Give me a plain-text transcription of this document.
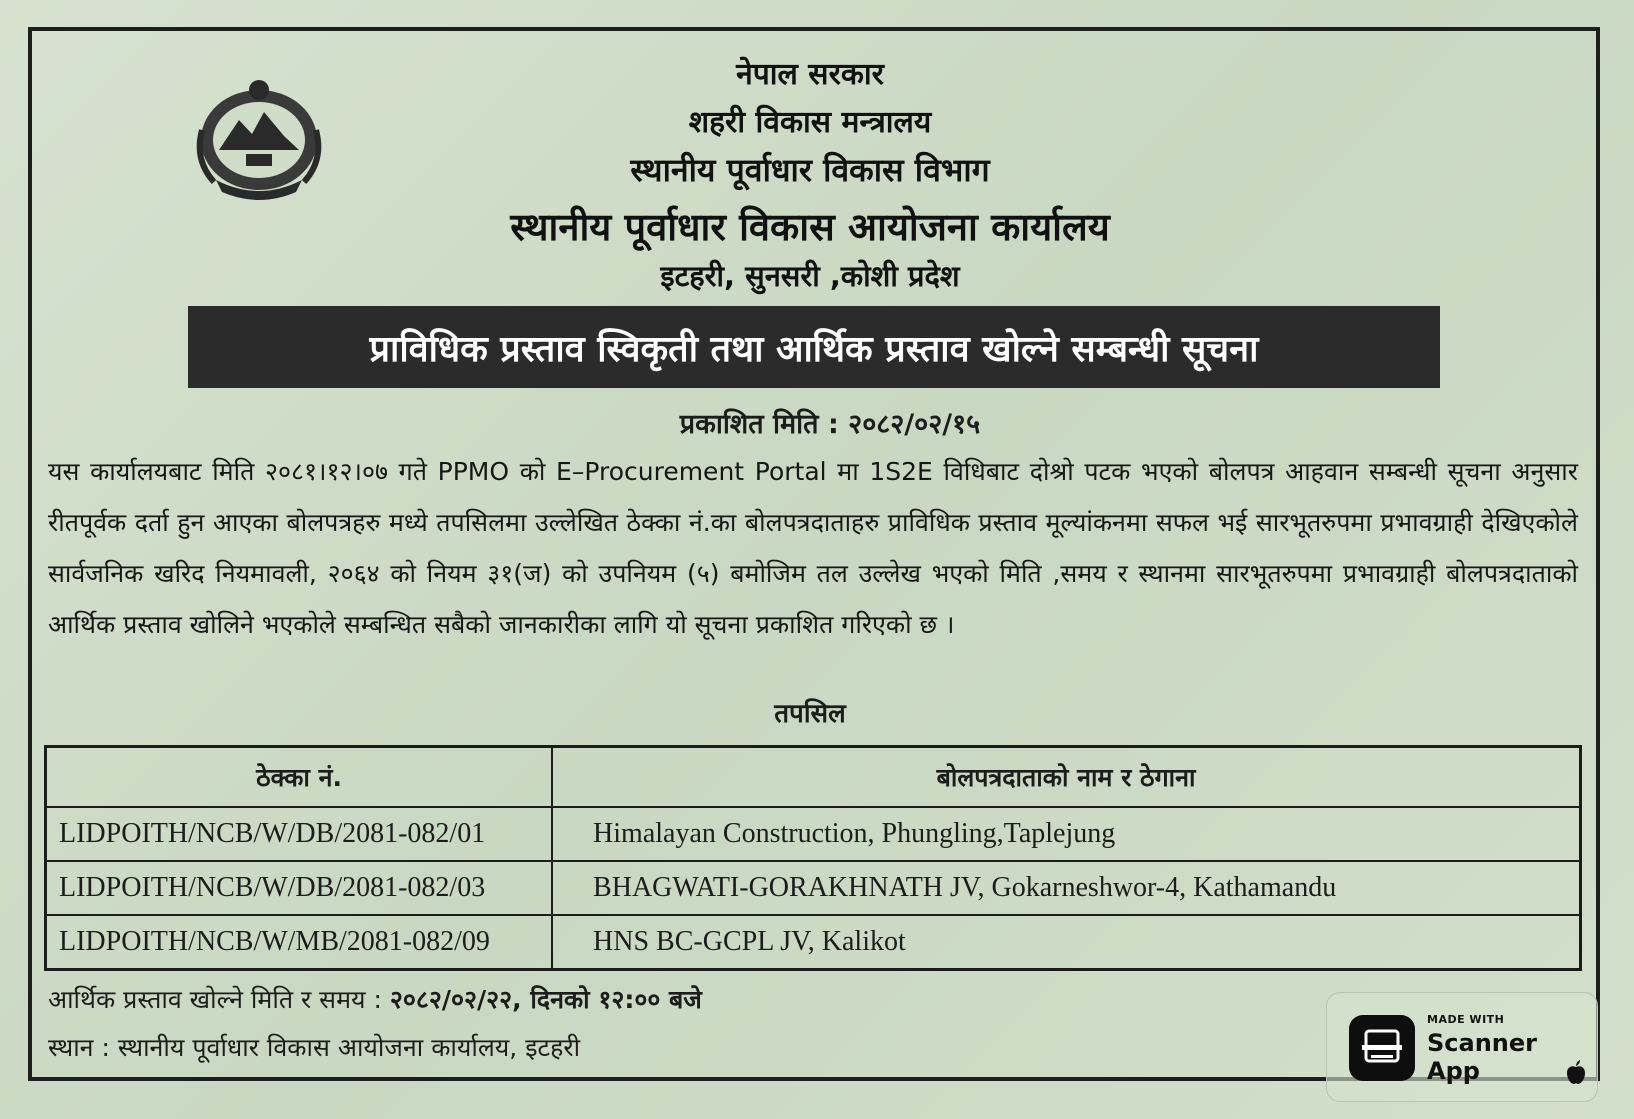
नेपाल सरकार
शहरी विकास मन्त्रालय
स्थानीय पूर्वाधार विकास विभाग
स्थानीय पूर्वाधार विकास आयोजना कार्यालय
इटहरी, सुनसरी ,कोशी प्रदेश
प्राविधिक प्रस्ताव स्विकृती तथा आर्थिक प्रस्ताव खोल्ने सम्बन्धी सूचना
प्रकाशित मिति : २०८२/०२/१५
यस कार्यालयबाट मिति २०८१।१२।०७ गते PPMO को E–Procurement Portal मा 1S2E विधिबाट दोश्रो पटक भएको बोलपत्र आहवान सम्बन्धी सूचना अनुसार रीतपूर्वक दर्ता हुन आएका बोलपत्रहरु मध्ये तपसिलमा उल्लेखित ठेक्का नं.का बोलपत्रदाताहरु प्राविधिक प्रस्ताव मूल्यांकनमा सफल भई सारभूतरुपमा प्रभावग्राही देखिएकोले सार्वजनिक खरिद नियमावली, २०६४ को नियम ३१(ज) को उपनियम (५) बमोजिम तल उल्लेख भएको मिति ,समय र स्थानमा सारभूतरुपमा प्रभावग्राही बोलपत्रदाताको आर्थिक प्रस्ताव खोलिने भएकोले सम्बन्धित सबैको जानकारीका लागि यो सूचना प्रकाशित गरिएको छ ।
तपसिल
ठेक्का नं.	बोलपत्रदाताको नाम र ठेगाना
LIDPOITH/NCB/W/DB/2081-082/01	Himalayan Construction, Phungling,Taplejung
LIDPOITH/NCB/W/DB/2081-082/03	BHAGWATI-GORAKHNATH JV, Gokarneshwor-4, Kathamandu
LIDPOITH/NCB/W/MB/2081-082/09	HNS BC-GCPL JV, Kalikot
आर्थिक प्रस्ताव खोल्ने मिति र समय : २०८२/०२/२२, दिनको १२:०० बजे
स्थान : स्थानीय पूर्वाधार विकास आयोजना कार्यालय, इटहरी
MADE WITH
Scanner
App
